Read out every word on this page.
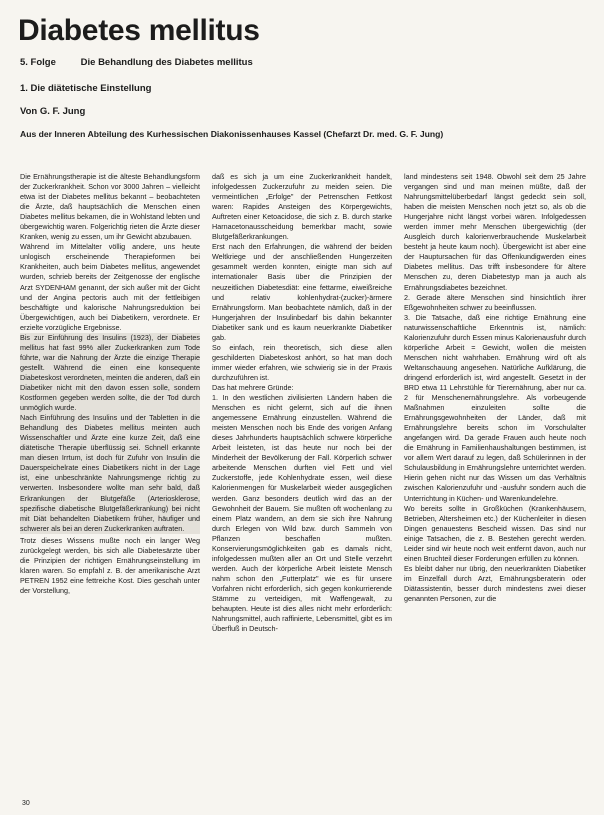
Diabetes mellitus
5. Folge	Die Behandlung des Diabetes mellitus
1. Die diätetische Einstellung
Von G. F. Jung
Aus der Inneren Abteilung des Kurhessischen Diakonissenhauses Kassel (Chefarzt Dr. med. G. F. Jung)

Die Ernährungstherapie ist die älteste Behandlungsform der Zuckerkrankheit. Schon vor 3000 Jahren – vielleicht etwa ist der Diabetes mellitus bekannt – beobachteten die Ärzte, daß hauptsächlich die Menschen einen Diabetes mellitus bekamen, die in Wohlstand lebten und übergewichtig waren. Folgerichtig rieten die Ärzte dieser Kranken, wenig zu essen, um ihr Gewicht abzubauen.

Während im Mittelalter völlig andere, uns heute unlogisch erscheinende Therapieformen bei Krankheiten, auch beim Diabetes mellitus, angewendet wurden, schrieb bereits der Zeitgenosse der englische Arzt SYDENHAM genannt, der sich außer mit der Gicht und der Angina pectoris auch mit der fettleibigen beschäftigte und kalorische Nahrungsreduktion bei Übergewichtigen, auch bei Diabetikern, verordnete. Er erzielte vorzügliche Ergebnisse.

Bis zur Einführung des Insulins (1923), der Diabetes mellitus hat fast 99% aller Zuckerkranken zum Tode führte, war die Nahrung der Ärzte die einzige Therapie gestellt. Während die einen eine konsequente Diabeteskost verordneten, meinten die anderen, daß ein Diabetiker nicht mit den davon essen solle, sondern Kostformen gegeben werden sollte, die der Tod durch unmöglich wurde.

Nach Einführung des Insulins und der Tabletten in die Behandlung des Diabetes mellitus meinten auch Wissenschaftler und Ärzte eine kurze Zeit, daß eine diätetische Therapie überflüssig sei. Schnell erkannte man diesen Irrtum, ist doch für Zufuhr von Insulin die Dauerspeichelrate eines Diabetikers nicht in der Lage ist, eine unbeschränkte Nahrungsmenge richtig zu verwerten. Insbesondere wollte man sehr bald, daß Erkrankungen der Blutgefäße (Arteriosklerose, spezifische diabetische Blutgefäßerkrankung) bei nicht mit Diät behandelten Diabetikern früher, häufiger und schwerer als bei an deren Zuckerkranken auftraten.

Trotz dieses Wissens mußte noch ein langer Weg zurückgelegt werden, bis sich alle Diabetesärzte über die Prinzipien der richtigen Ernährungseinstellung im klaren waren. So empfahl z. B. der amerikanische Arzt PETREN 1952 eine fettreiche Kost. Dies geschah unter der Vorstellung,

daß es sich ja um eine Zuckerkrankheit handelt, infolgedessen Zuckerzufuhr zu meiden seien. Die vermeintlichen „Erfolge" der Petrenschen Fettkost waren: Rapides Ansteigen des Körpergewichts, Auftreten einer Ketoacidose, die sich z. B. durch starke Harnacetonausscheidung bemerkbar macht, sowie Blutgefäßerkrankungen.

Erst nach den Erfahrungen, die während der beiden Weltkriege und der anschließenden Hungerzeiten gesammelt werden konnten, einigte man sich auf internationaler Basis über die Prinzipien der neuzeitlichen Diabetesdiät: eine fettarme, eiweißreiche und relativ kohlenhydrat-(zucker)-ärmere Ernährungsform. Man beobachtete nämlich, daß in der Hungerjahren der Insulinbedarf bis dahin bekannter Diabetiker sank und es kaum neuerkrankte Diabetiker gab.

So einfach, rein theoretisch, sich diese allen geschilderten Diabeteskost anhört, so hat man doch immer wieder erfahren, wie schwierig sie in der Praxis durchzuführen ist.

Das hat mehrere Gründe:

1. In den westlichen zivilisierten Ländern haben die Menschen es nicht gelernt, sich auf die ihnen angemessene Ernährung einzustellen. Während die meisten Menschen noch bis Ende des vorigen Anfang dieses Jahrhunderts hauptsächlich schwere körperliche Arbeit leisteten, ist das heute nur noch bei der Minderheit der Bevölkerung der Fall. Körperlich schwer arbeitende Menschen durften viel Fett und viel Zuckerstoffe, jede Kohlenhydrate essen, weil diese Kalorienmengen für Muskelarbeit wieder ausgeglichen werden. Ganz besonders deutlich wird das an der Gewohnheit der Bauern. Sie mußten oft wochenlang zu einem Platz wandern, an dem sie sich ihre Nahrung durch Erlegen von Wild bzw. durch Sammeln von Pflanzen beschaffen mußten. Konservierungsmöglichkeiten gab es damals nicht, infolgedessen mußten aller an Ort und Stelle verzehrt werden. Auch der körperliche Arbeit leistete Mensch nahm schon den „Futterplatz" wie es für unsere Vorfahren nicht erforderlich, sich gegen konkurrierende Stämme zu verteidigen, mit Waffengewalt, zu behaupten. Heute ist dies alles nicht mehr erforderlich: Nahrungsmittel, auch raffinierte, Lebensmittel, gibt es im Überfluß in Deutsch-

land mindestens seit 1948. Obwohl seit dem 25 Jahre vergangen sind und man meinen müßte, daß der Nahrungsmittelüberbedarf längst gedeckt sein soll, haben die meisten Menschen noch jetzt so, als ob die Hungerjahre nicht längst vorbei wären. Infolgedessen werden immer mehr Menschen übergewichtig (der Ausgleich durch kalorienverbrauchende Muskelarbeit besteht ja heute kaum noch). Übergewicht ist aber eine der Hauptursachen für das Offenkundigwerden eines Diabetes mellitus. Das trifft insbesondere für ältere Menschen zu, deren Diabetestyp man ja auch als Ernährungsdiabetes bezeichnet.

2. Gerade ältere Menschen sind hinsichtlich ihrer Eßgewohnheiten schwer zu beeinflussen.

3. Die Tatsache, daß eine richtige Ernährung eine naturwissenschaftliche Erkenntnis ist, nämlich: Kalorienzufuhr durch Essen minus Kalorienausfuhr durch körperliche Arbeit = Gewicht, wollen die meisten Menschen nicht wahrhaben. Ernährung wird oft als Weltanschauung angesehen. Natürliche Aufklärung, die dringend erforderlich ist, wird angestellt. Gesetzt in der BRD etwa 11 Lehrstühle für Tierernährung, aber nur ca. 2 für Menschenernährungslehre. Als vorbeugende Maßnahmen einzuleiten sollte die Ernährungsgewohnheiten der Länder, daß mit Ernährungslehre bereits schon im Vorschulalter angefangen wird. Da gerade Frauen auch heute noch die Ernährung in Familienhaushaltungen bestimmen, ist vor allem Wert darauf zu legen, daß Schülerinnen in der Schulausbildung in Ernährungslehre unterrichtet werden. Hierin gehen nicht nur das Wissen um das Verhältnis zwischen Kalorienzufuhr und -ausfuhr sondern auch die Unterrichtung in Küchen- und Warenkundelehre.

Wo bereits sollte in Großküchen (Krankenhäusern, Betrieben, Altersheimen etc.) der Küchenleiter in diesen Dingen genauestens Bescheid wissen. Das sind nur einige Tatsachen, die z. B. Bestehen gerecht werden. Leider sind wir heute noch weit entfernt davon, auch nur einen Bruchteil dieser Forderungen erfüllen zu können.

Es bleibt daher nur übrig, den neuerkrankten Diabetiker im Einzelfall durch Arzt, Ernährungsberaterin oder Diätassistentin, besser durch mindestens zwei dieser genannten Personen, zur die

30
